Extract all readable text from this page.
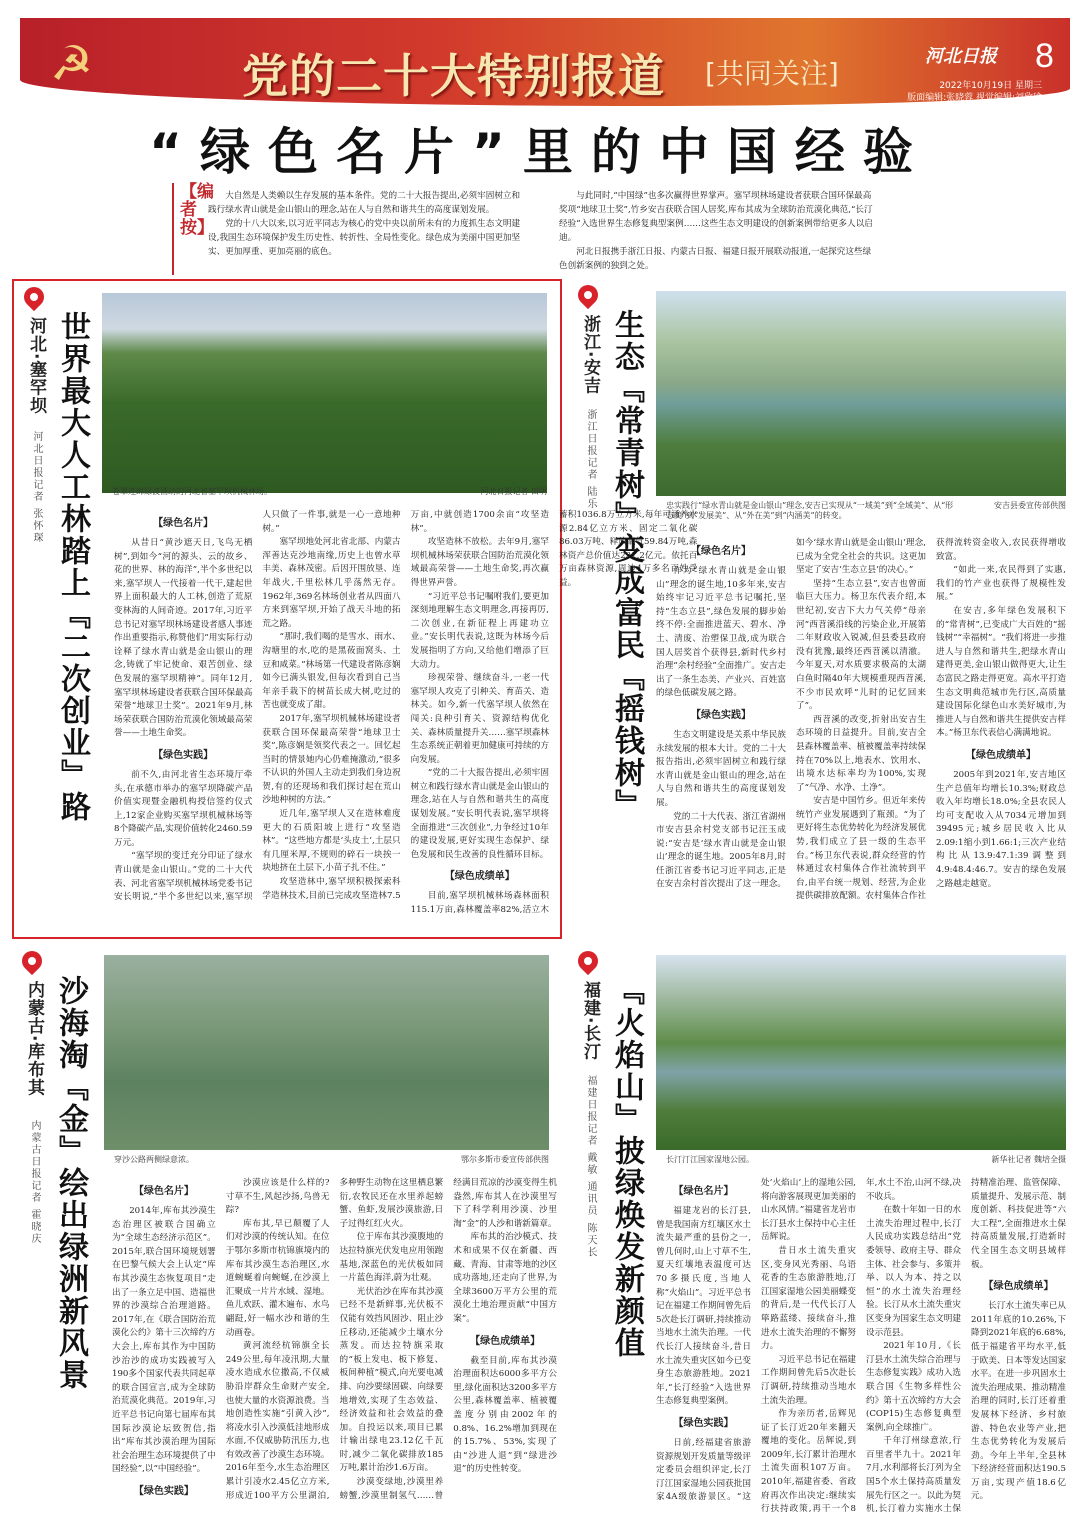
☭	党的二十大特别报道 [共同关注]
河北日报 8
2022年10月19日 星期三
版面编辑:张晓蓉 视觉编辑:刘欣瑜
“绿色名片”里的中国经验
【编者按】

大自然是人类赖以生存发展的基本条件。党的二十大报告提出,必须牢固树立和践行绿水青山就是金山银山的理念,站在人与自然和谐共生的高度谋划发展。

党的十八大以来,以习近平同志为核心的党中央以前所未有的力度抓生态文明建设,我国生态环境保护发生历史性、转折性、全局性变化。绿色成为美丽中国更加坚实、更加厚重、更加亮丽的底色。

与此同时,“中国绿”也多次赢得世界掌声。塞罕坝林场建设者获联合国环保最高奖项“地球卫士奖”,竹乡安吉获联合国人居奖,库布其成为全球防治荒漠化典范,“长汀经验”入选世界生态修复典型案例……这些生态文明建设的创新案例带给更多人以启迪。

河北日报携手浙江日报、内蒙古日报、福建日报开展联动报道,一起探究这些绿色创新案例的独到之处。

河北·塞罕坝 世界最大人工林踏上『二次创业』路
河北日报记者 张怀琛	苍翠连绵绿波涌动的河北省塞罕坝机械林场。	河北日报记者 田明
【绿色名片】

从昔日“黄沙遮天日,飞鸟无栖树”,到如今“河的源头、云的故乡、花的世界、林的海洋”,半个多世纪以来,塞罕坝人一代接着一代干,建起世界上面积最大的人工林,创造了荒原变林海的人间奇迹。2017年,习近平总书记对塞罕坝林场建设者感人事迹作出重要指示,称赞他们“用实际行动诠释了绿水青山就是金山银山的理念,铸就了牢记使命、艰苦创业、绿色发展的塞罕坝精神”。同年12月,塞罕坝林场建设者获联合国环保最高荣誉“地球卫士奖”。2021年9月,林场荣获联合国防治荒漠化领域最高荣誉——土地生命奖。

【绿色实践】

前不久,由河北省生态环境厅牵头,在承德市举办的塞罕坝降碳产品价值实现暨金融机构授信签约仪式上,12家企业购买塞罕坝机械林场等8个降碳产品,实现价值转化2460.59万元。

“塞罕坝的变迁充分印证了绿水青山就是金山银山。”党的二十大代表、河北省塞罕坝机械林场党委书记安长明说,“半个多世纪以来,塞罕坝人只做了一件事,就是一心一意地种树。”

塞罕坝地处河北省北部、内蒙古浑善达克沙地南缘,历史上也曾水草丰美、森林茂密。后因开围放垦、连年战火,千里松林几乎荡然无存。1962年,369名林场创业者从四面八方来到塞罕坝,开始了战天斗地的拓荒之路。

“那时,我们喝的是雪水、雨水、沟塘里的水,吃的是黑莜面窝头、土豆和咸菜。”林场第一代建设者陈彦娴如今已满头银发,但每次看到自己当年亲手栽下的树苗长成大树,吃过的苦也就变成了甜。

2017年,塞罕坝机械林场建设者获联合国环保最高荣誉“地球卫士奖”,陈彦娴是领奖代表之一。回忆起当时的情景她内心仍难掩激动,“很多不认识的外国人主动走到我们身边祝贺,有的还现场和我们探讨起在荒山沙地种树的方法。”

近几年,塞罕坝人又在造林难度更大的石质阳坡上进行“攻坚造林”。“这些地方都是‘头皮土’,土层只有几厘米厚,不规则的碎石一块挨一块地挤在土层下,小苗子扎不住。”

攻坚造林中,塞罕坝积极探索科学造林技术,目前已完成攻坚造林7.5万亩,中就创造1700余亩“攻坚造林”。

攻坚造林不放松。去年9月,塞罕坝机械林场荣获联合国防治荒漠化领域最高荣誉——土地生命奖,再次赢得世界声誉。

“习近平总书记嘱咐我们,要更加深刻地理解生态文明理念,再接再厉,二次创业,在新征程上再建功立业。”安长明代表说,这既为林场今后发展指明了方向,又给他们增添了巨大动力。

珍视荣誉、继续奋斗,一老一代塞罕坝人攻克了引种关、育苗关、造林关。如今,新一代塞罕坝人依然在闯关:良种引育关、资源结构优化关、森林质量提升关……塞罕坝森林生态系统正朝着更加健康可持续的方向发展。

“党的二十大报告提出,必须牢固树立和践行绿水青山就是金山银山的理念,站在人与自然和谐共生的高度谋划发展。”安长明代表说,塞罕坝将全面推进“三次创业”,力争经过10年的建设发展,更好实现生态保护、绿色发展和民生改善的良性循环目标。

【绿色成绩单】

目前,塞罕坝机械林场森林面积115.1万亩,森林覆盖率82%,活立木蓄积1036.8万立方米,每年可涵养水源2.84亿立方米、固定二氧化碳86.03万吨、释放氧气59.84万吨,森林资产总价值达231.2亿元。依托百万亩森林资源,周边4万多名百姓受益。

浙江·安吉 生态『常青树』变成富民『摇钱树』
浙江日报记者 陆乐	忠实践行“绿水青山就是金山银山”理念,安吉已实现从“一域美”到“全域美”、从“形态美”到“发展美”、从“外在美”到“内涵美”的转变。
安吉县委宣传部供图
【绿色名片】

作为“绿水青山就是金山银山”理念的诞生地,10多年来,安吉始终牢记习近平总书记嘱托,坚持“生态立县”,绿色发展的脚步始终不停:全面推进蓝天、碧水、净土、清废、治塑保卫战,成为联合国人居奖首个获得县,新时代乡村治理“余村经验”全面推广。安吉走出了一条生态美、产业兴、百姓富的绿色低碳发展之路。

【绿色实践】

生态文明建设是关系中华民族永续发展的根本大计。党的二十大报告指出,必须牢固树立和践行绿水青山就是金山银山的理念,站在人与自然和谐共生的高度谋划发展。

党的二十大代表、浙江省湖州市安吉县余村党支部书记汪玉成说:“安吉是‘绿水青山就是金山银山’理念的诞生地。2005年8月,时任浙江省委书记习近平同志,正是在安吉余村首次提出了这一理念。如今‘绿水青山就是金山银山’理念,已成为全党全社会的共识。这更加坚定了安吉‘生态立县’的决心。”

坚持“生态立县”,安吉也曾面临巨大压力。杨卫东代表介绍,本世纪初,安吉下大力气关停“母亲河”西苕溪沿线的污染企业,开展第二年财政收入锐减,但县委县政府没有犹豫,最终还西苕溪以清澈。今年夏天,对水质要求极高的太湖白鱼时隔40年大规模重现西苕溪,不少市民欢呼“儿时的记忆回来了”。

西苕溪的改变,折射出安吉生态环境的日益提升。目前,安吉全县森林覆盖率、植被覆盖率持续保持在70%以上,地表水、饮用水、出境水达标率均为100%,实现了“气净、水净、土净”。

安吉是中国竹乡。但近年来传统竹产业发展遇到了瓶颈。“为了更好将生态优势转化为经济发展优势,我们成立了县一级的生态平台。”杨卫东代表说,群众经营的竹林通过农村集体合作社流转到平台,由平台统一规划、经营,为企业提供碳排放配额。农村集体合作社获得流转资金收入,农民获得增收致富。

“如此一来,农民得到了实惠,我们的竹产业也获得了规模性发展。”

在安吉,多年绿色发展积下的“常青树”,已变成广大百姓的“摇钱树”“幸福树”。“我们将进一步推进人与自然和谐共生,把绿水青山建得更美,金山银山做得更大,让生态富民之路走得更宽。高水平打造生态文明典范城市先行区,高质量建设国际化绿色山水美好城市,为推进人与自然和谐共生提供安吉样本。”杨卫东代表信心满满地说。

【绿色成绩单】

2005年到2021年,安吉地区生产总值年均增长10.3%;财政总收入年均增长18.0%;全县农民人均可支配收入从7034元增加到39495元;城乡居民收入比从2.09:1缩小到1.66:1;三次产业结构比从13.9:47.1:39调整到4.9:48.4:46.7。安吉的绿色发展之路越走越宽。

内蒙古·库布其 沙海淘『金』绘出绿洲新风景
内蒙古日报记者 霍晓庆	穿沙公路两侧绿意浓。	鄂尔多斯市委宣传部供图
【绿色名片】

2014年,库布其沙漠生态治理区被联合国确立为“全球生态经济示范区”。2015年,联合国环境规划署在巴黎气候大会上认定“库布其沙漠生态恢复项目”走出了一条立足中国、造福世界的沙漠综合治理道路。2017年,在《联合国防治荒漠化公约》第十三次缔约方大会上,库布其作为中国防沙治沙的成功实践被写入190多个国家代表共同起草的联合国宣言,成为全球防治荒漠化典范。2019年,习近平总书记向第七届库布其国际沙漠论坛致贺信,指出“库布其沙漠治理为国际社会治理生态环境提供了中国经验”,以“中国经验”。

【绿色实践】

沙漠应该是什么样的?寸草不生,风起沙扬,鸟兽无踪?

库布其,早已颠覆了人们对沙漠的传统认知。在位于鄂尔多斯市杭锦旗境内的库布其沙漠生态治理区,水道蜿蜒着向蜿蜒,在沙漠上汇聚成一片片水域、湿地。鱼儿欢跃、灌木遍布、水鸟翩跹,好一幅水沙和谐的生动画卷。

黄河流经杭锦旗全长249公里,每年凌汛期,大量凌水造成水位撒高,不仅威胁沿岸群众生命财产安全,也使大量的水资源浪费。当地创造性实施“引黄入沙”,将凌水引入沙漠低洼地形成水面,不仅威胁防汛压力,也有效改善了沙漠生态环境。2016年至今,水生态治理区累计引凌水2.45亿立方米,形成近100平方公里湖泊,多种野生动物在这里栖息繁衍,农牧民还在水里养起螃蟹、鱼虾,发展沙漠旅游,日子过得红红火火。

位于库布其沙漠腹地的达拉特旗光伏发电应用领跑基地,深蓝色的光伏板如同一片蓝色海洋,蔚为壮观。

光伏治沙在库布其沙漠已经不是新鲜事,光伏板不仅能有效挡风固沙、阻止沙丘移动,还能减少土壤水分蒸发。而达拉特旗采取的“板上发电、板下修复、板间种植”模式,向光要电减排、向沙要绿固碳、向绿要地增效,实现了生态效益、经济效益和社会效益的叠加。自投运以来,项目已累计输出绿电23.12亿千瓦时,减少二氧化碳排放185万吨,累计治沙1.6万亩。

沙漠变绿地,沙漠里养螃蟹,沙漠里制氢气……曾经满目荒凉的沙漠变得生机盎然,库布其人在沙漠里写下了科学利用沙漠、沙里淘“金”的人沙和谐新篇章。

库布其的治沙模式、技术和成果不仅在新疆、西藏、青海、甘肃等地的沙区成功落地,还走向了世界,为全球3600万平方公里的荒漠化土地治理贡献“中国方案”。

【绿色成绩单】

截至目前,库布其沙漠治理面积达6000多平方公里,绿化面积达3200多平方公里,森林覆盖率、植被覆盖度分别由2002年的0.8%、16.2%增加到现在的15.7%、53%,实现了由“沙进人退”到“绿进沙退”的历史性转变。

福建·长汀 『火焰山』披绿焕发新颜值
福建日报记者 戴敏 通讯员 陈天长	长汀汀江国家湿地公园。	新华社记者 魏培全摄
【绿色名片】

福建龙岩的长汀县,曾是我国南方红壤区水土流失最严重的县份之一,曾几何时,山上寸草不生,夏天红壤地表温度可达70多摄氏度,当地人称“火焰山”。习近平总书记在福建工作期间曾先后5次赴长汀调研,持续推动当地水土流失治理。一代代长汀人接续奋斗,昔日水土流失重灾区如今已变身生态旅游胜地。2021年,“长汀经验”入选世界生态修复典型案例。

【绿色实践】

日前,经福建省旅游资源规划开发质量等级评定委员会组织评定,长汀汀江国家湿地公园获批国家4A级旅游景区。“这处‘火焰山’上的湿地公园,将向游客展现更加美丽的山水风情。”福建省龙岩市长汀县水土保持中心主任岳辉说。

昔日水土流失重灾区,变身风光秀丽、鸟语花香的生态旅游胜地,汀江国家湿地公园美丽蝶变的背后,是一代代长汀人筚路蓝缕、接续奋斗,推进水土流失治理的不懈努力。

习近平总书记在福建工作期间曾先后5次赴长汀调研,持续推动当地水土流失治理。

作为亲历者,岳辉见证了长汀近20年来翻天覆地的变化。岳辉说,到2009年,长汀累计治理水土流失面积107万亩。2010年,福建省委、省政府再次作出决定:继续实行扶持政策,再干一个8年,水土不治,山河不绿,决不收兵。

在数十年如一日的水土流失治理过程中,长汀人民成功实践总结出“党委领导、政府主导、群众主体、社会参与、多策并举、以人为本、持之以恒”的水土流失治理经验。长汀从水土流失重灾区变身为国家生态文明建设示范县。

2021年10月,《长汀县水土流失综合治理与生态修复实践》成功入选联合国《生物多样性公约》第十五次缔约方大会(COP15)生态修复典型案例,向全球推广。

千年汀州绿意浓,行百里者半九十。2021年7月,水利部将长汀列为全国5个水土保持高质量发展先行区之一。以此为契机,长汀着力实施水土保持精准治理、监管保障、质量提升、发展示范、制度创新、科技促进等“六大工程”,全面推进水土保持高质量发展,打造新时代全国生态文明县域样板。

【绿色成绩单】

长汀水土流失率已从2011年底的10.26%,下降到2021年底的6.68%,低于福建省平均水平,低于欧美、日本等发达国家水平。在进一步巩固水土流失治理成果、推动精准治理的同时,长汀还着重发展林下经济、乡村旅游、特色农业等产业,把生态优势转化为发展后劲。今年上半年,全县林下经济经营面积达190.5万亩,实现产值18.6亿元。
